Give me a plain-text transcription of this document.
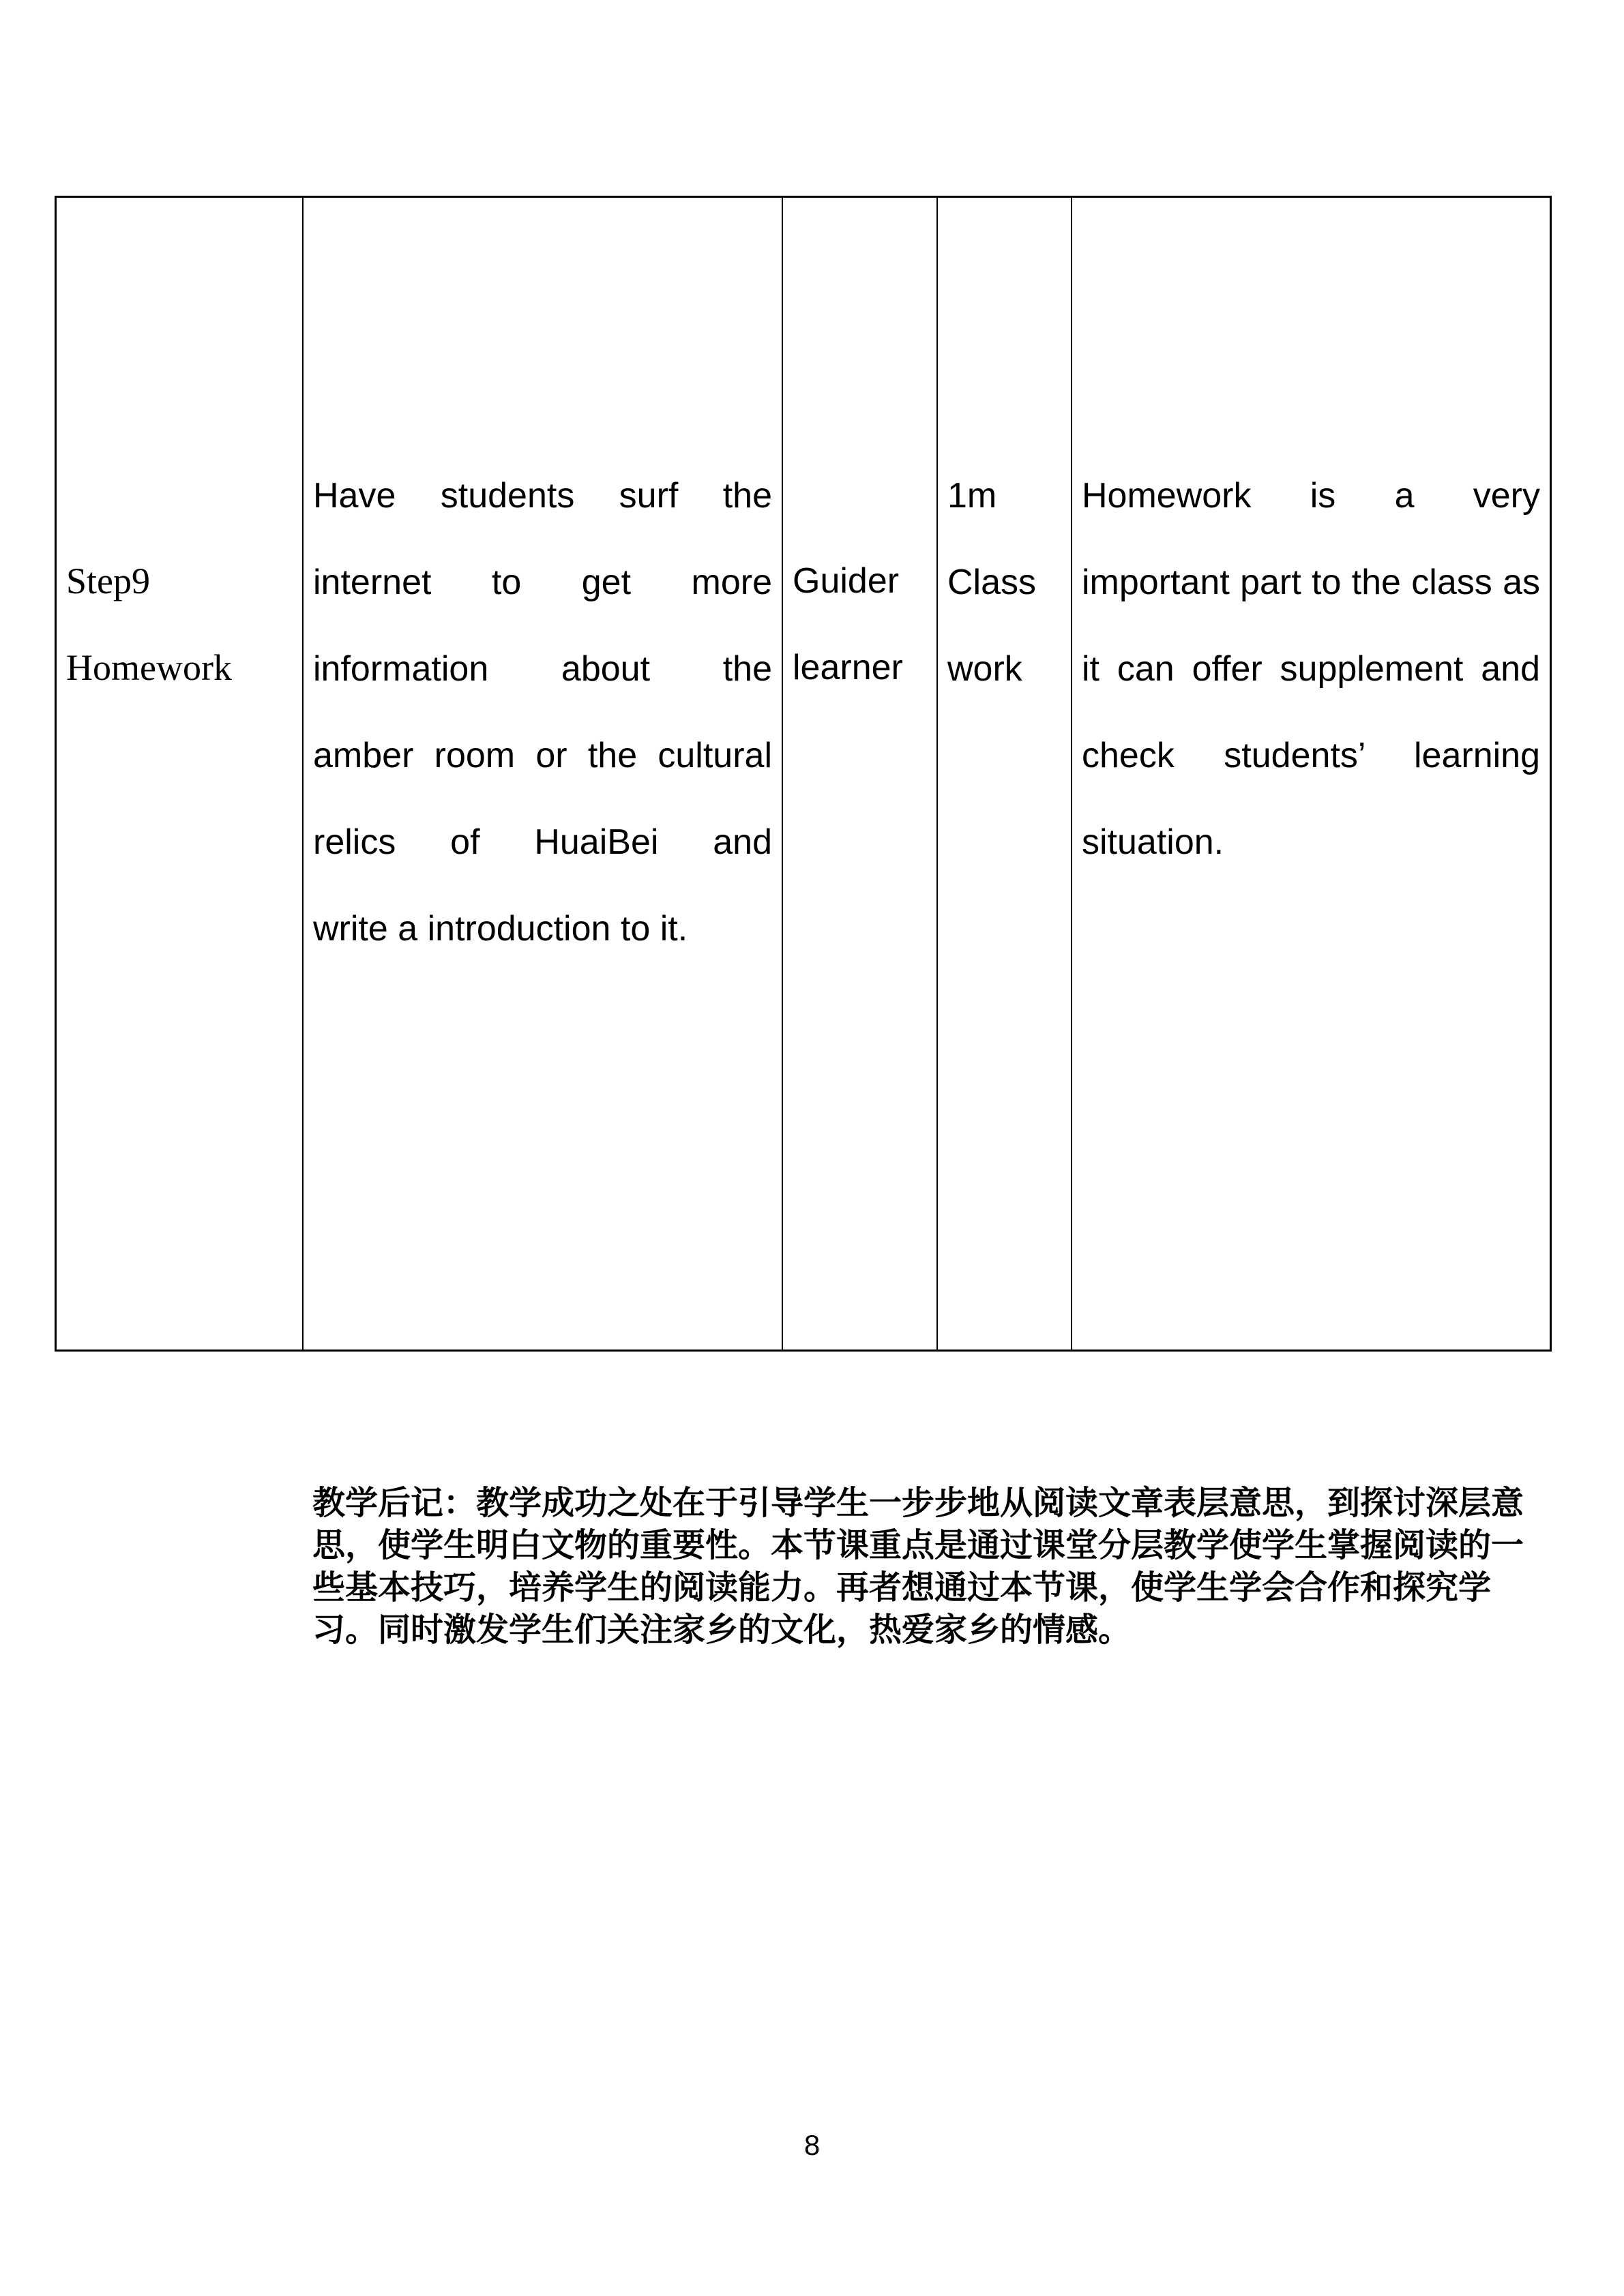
Step9
Homework
Have students surf the
internet to get more
information about the
amber room or the cultural
relics of HuaiBei and
write a introduction to it.
Guider
learner
1m
Class
work
Homework is a very
important part to the class as
it can offer supplement and
check students’ learning
situation.
教学后记：教学成功之处在于引导学生一步步地从阅读文章表层意思，到探讨深层意
思，使学生明白文物的重要性。本节课重点是通过课堂分层教学使学生掌握阅读的一
些基本技巧，培养学生的阅读能力。再者想通过本节课，使学生学会合作和探究学
习。同时激发学生们关注家乡的文化，热爱家乡的情感。
8
